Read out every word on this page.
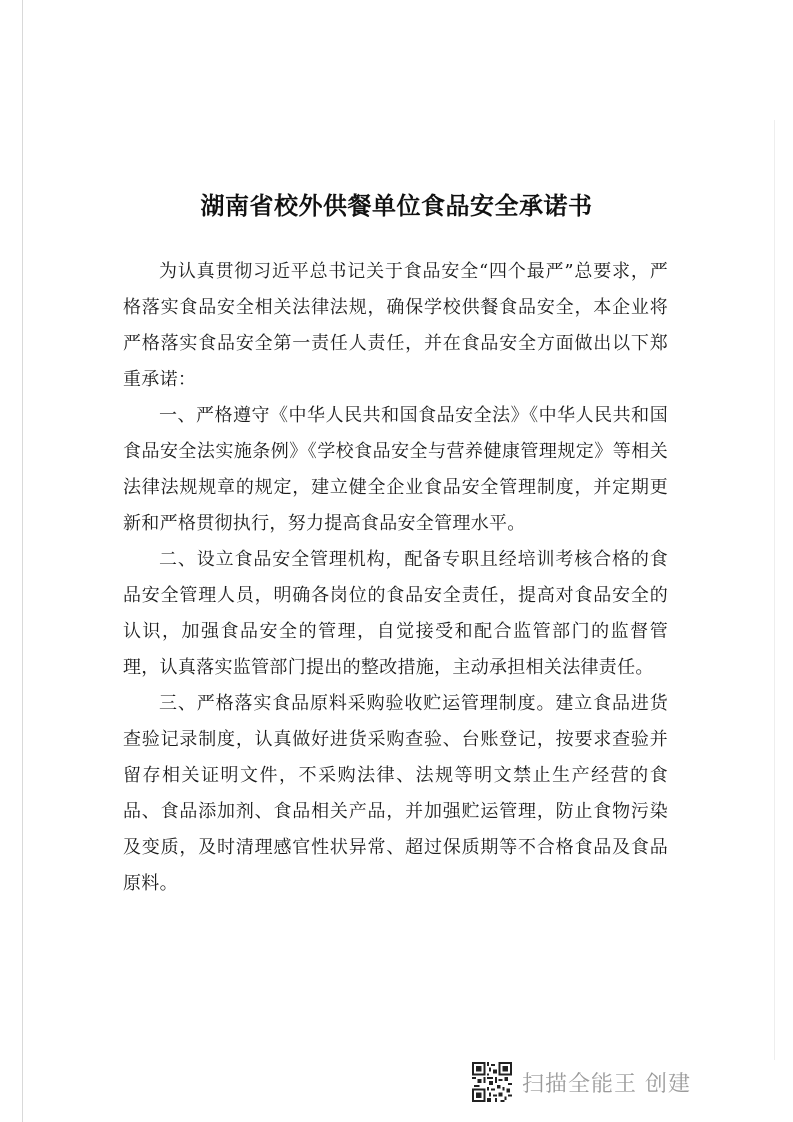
湖南省校外供餐单位食品安全承诺书

为认真贯彻习近平总书记关于食品安全“四个最严”总要求，严格落实食品安全相关法律法规，确保学校供餐食品安全，本企业将严格落实食品安全第一责任人责任，并在食品安全方面做出以下郑重承诺：

一、严格遵守《中华人民共和国食品安全法》《中华人民共和国食品安全法实施条例》《学校食品安全与营养健康管理规定》等相关法律法规规章的规定，建立健全企业食品安全管理制度，并定期更新和严格贯彻执行，努力提高食品安全管理水平。

二、设立食品安全管理机构，配备专职且经培训考核合格的食品安全管理人员，明确各岗位的食品安全责任，提高对食品安全的认识，加强食品安全的管理，自觉接受和配合监管部门的监督管理，认真落实监管部门提出的整改措施，主动承担相关法律责任。

三、严格落实食品原料采购验收贮运管理制度。建立食品进货查验记录制度，认真做好进货采购查验、台账登记，按要求查验并留存相关证明文件，不采购法律、法规等明文禁止生产经营的食品、食品添加剂、食品相关产品，并加强贮运管理，防止食物污染及变质，及时清理感官性状异常、超过保质期等不合格食品及食品原料。

扫描全能王 创建
